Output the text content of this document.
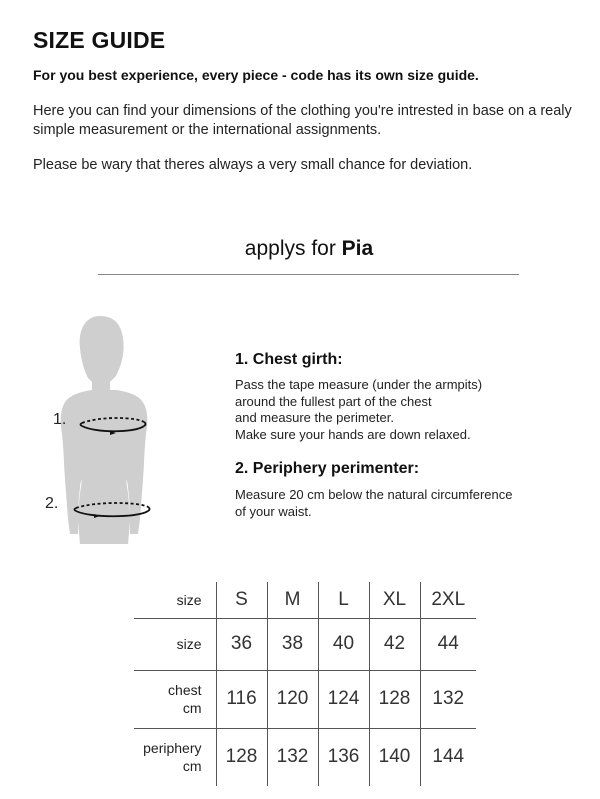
SIZE GUIDE
For you best experience, every piece - code has its own size guide.
Here you can find your dimensions of the clothing you're intrested in base on a realy simple measurement or the international assignments.
Please be wary that theres always a very small chance for deviation.
applys for Pia
1.
2.
1. Chest girth:
Pass the tape measure (under the armpits)
around the fullest part of the chest
and measure the perimeter.
Make sure your hands are down relaxed.
2. Periphery perimenter:
Measure 20 cm below the natural circumference
of your waist.
size	S	M	L	XL	2XL

size	36	38	40	42	44

chest
cm	116	120	124	128	132

periphery
cm	128	132	136	140	144
